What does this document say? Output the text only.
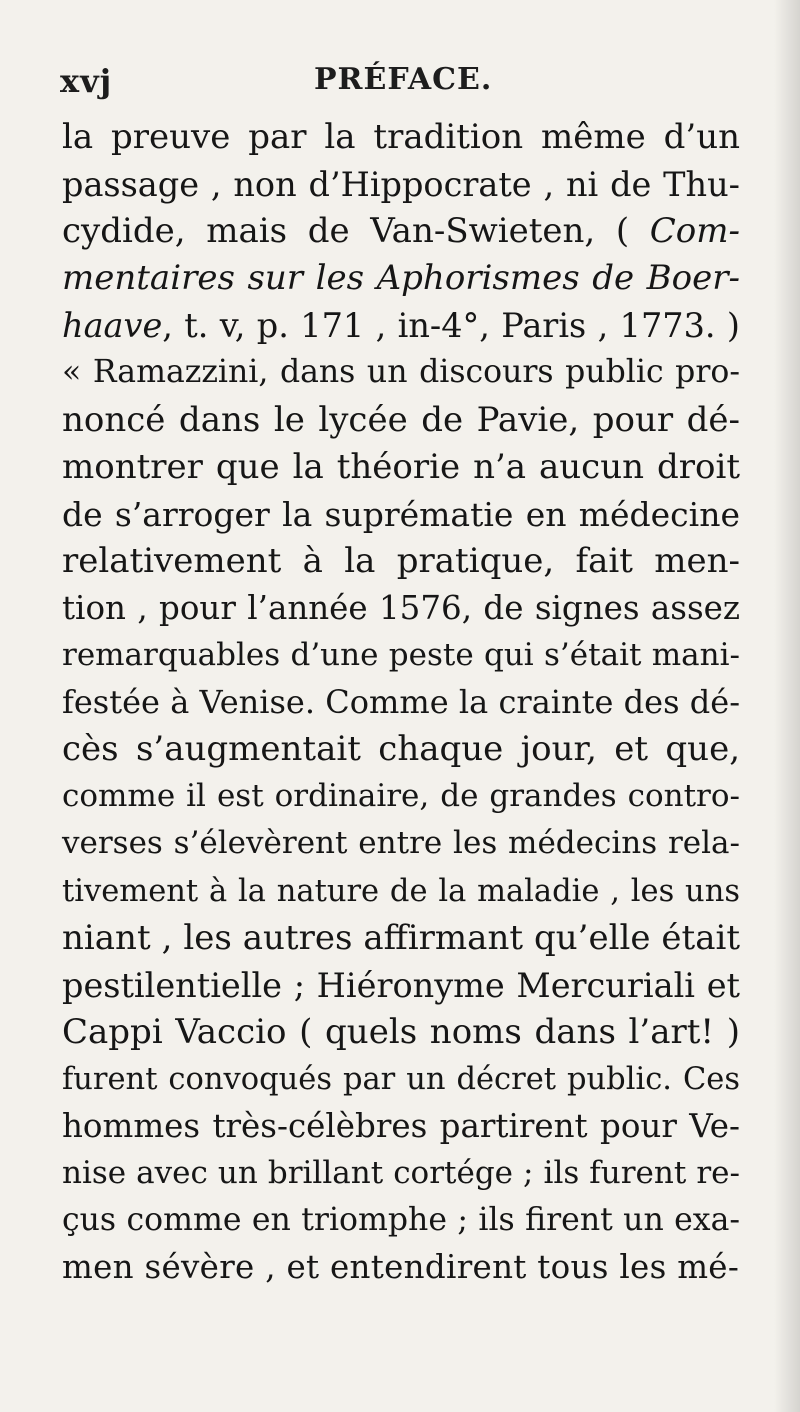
xvj	PRÉFACE.
la preuve par la tradition même d’un
passage , non d’Hippocrate , ni de Thu-
cydide, mais de Van-Swieten, ( Com-
mentaires sur les Aphorismes de Boer-
haave, t. v, p. 171 , in-4°, Paris , 1773. )
« Ramazzini, dans un discours public pro-
noncé dans le lycée de Pavie, pour dé-
montrer que la théorie n’a aucun droit
de s’arroger la suprématie en médecine
relativement à la pratique, fait men-
tion , pour l’année 1576, de signes assez
remarquables d’une peste qui s’était mani-
festée à Venise. Comme la crainte des dé-
cès s’augmentait chaque jour, et que,
comme il est ordinaire, de grandes contro-
verses s’élevèrent entre les médecins rela-
tivement à la nature de la maladie , les uns
niant , les autres affirmant qu’elle était
pestilentielle ; Hiéronyme Mercuriali et
Cappi Vaccio ( quels noms dans l’art! )
furent convoqués par un décret public. Ces
hommes très-célèbres partirent pour Ve-
nise avec un brillant cortége ; ils furent re-
çus comme en triomphe ; ils firent un exa-
men sévère , et entendirent tous les mé-
